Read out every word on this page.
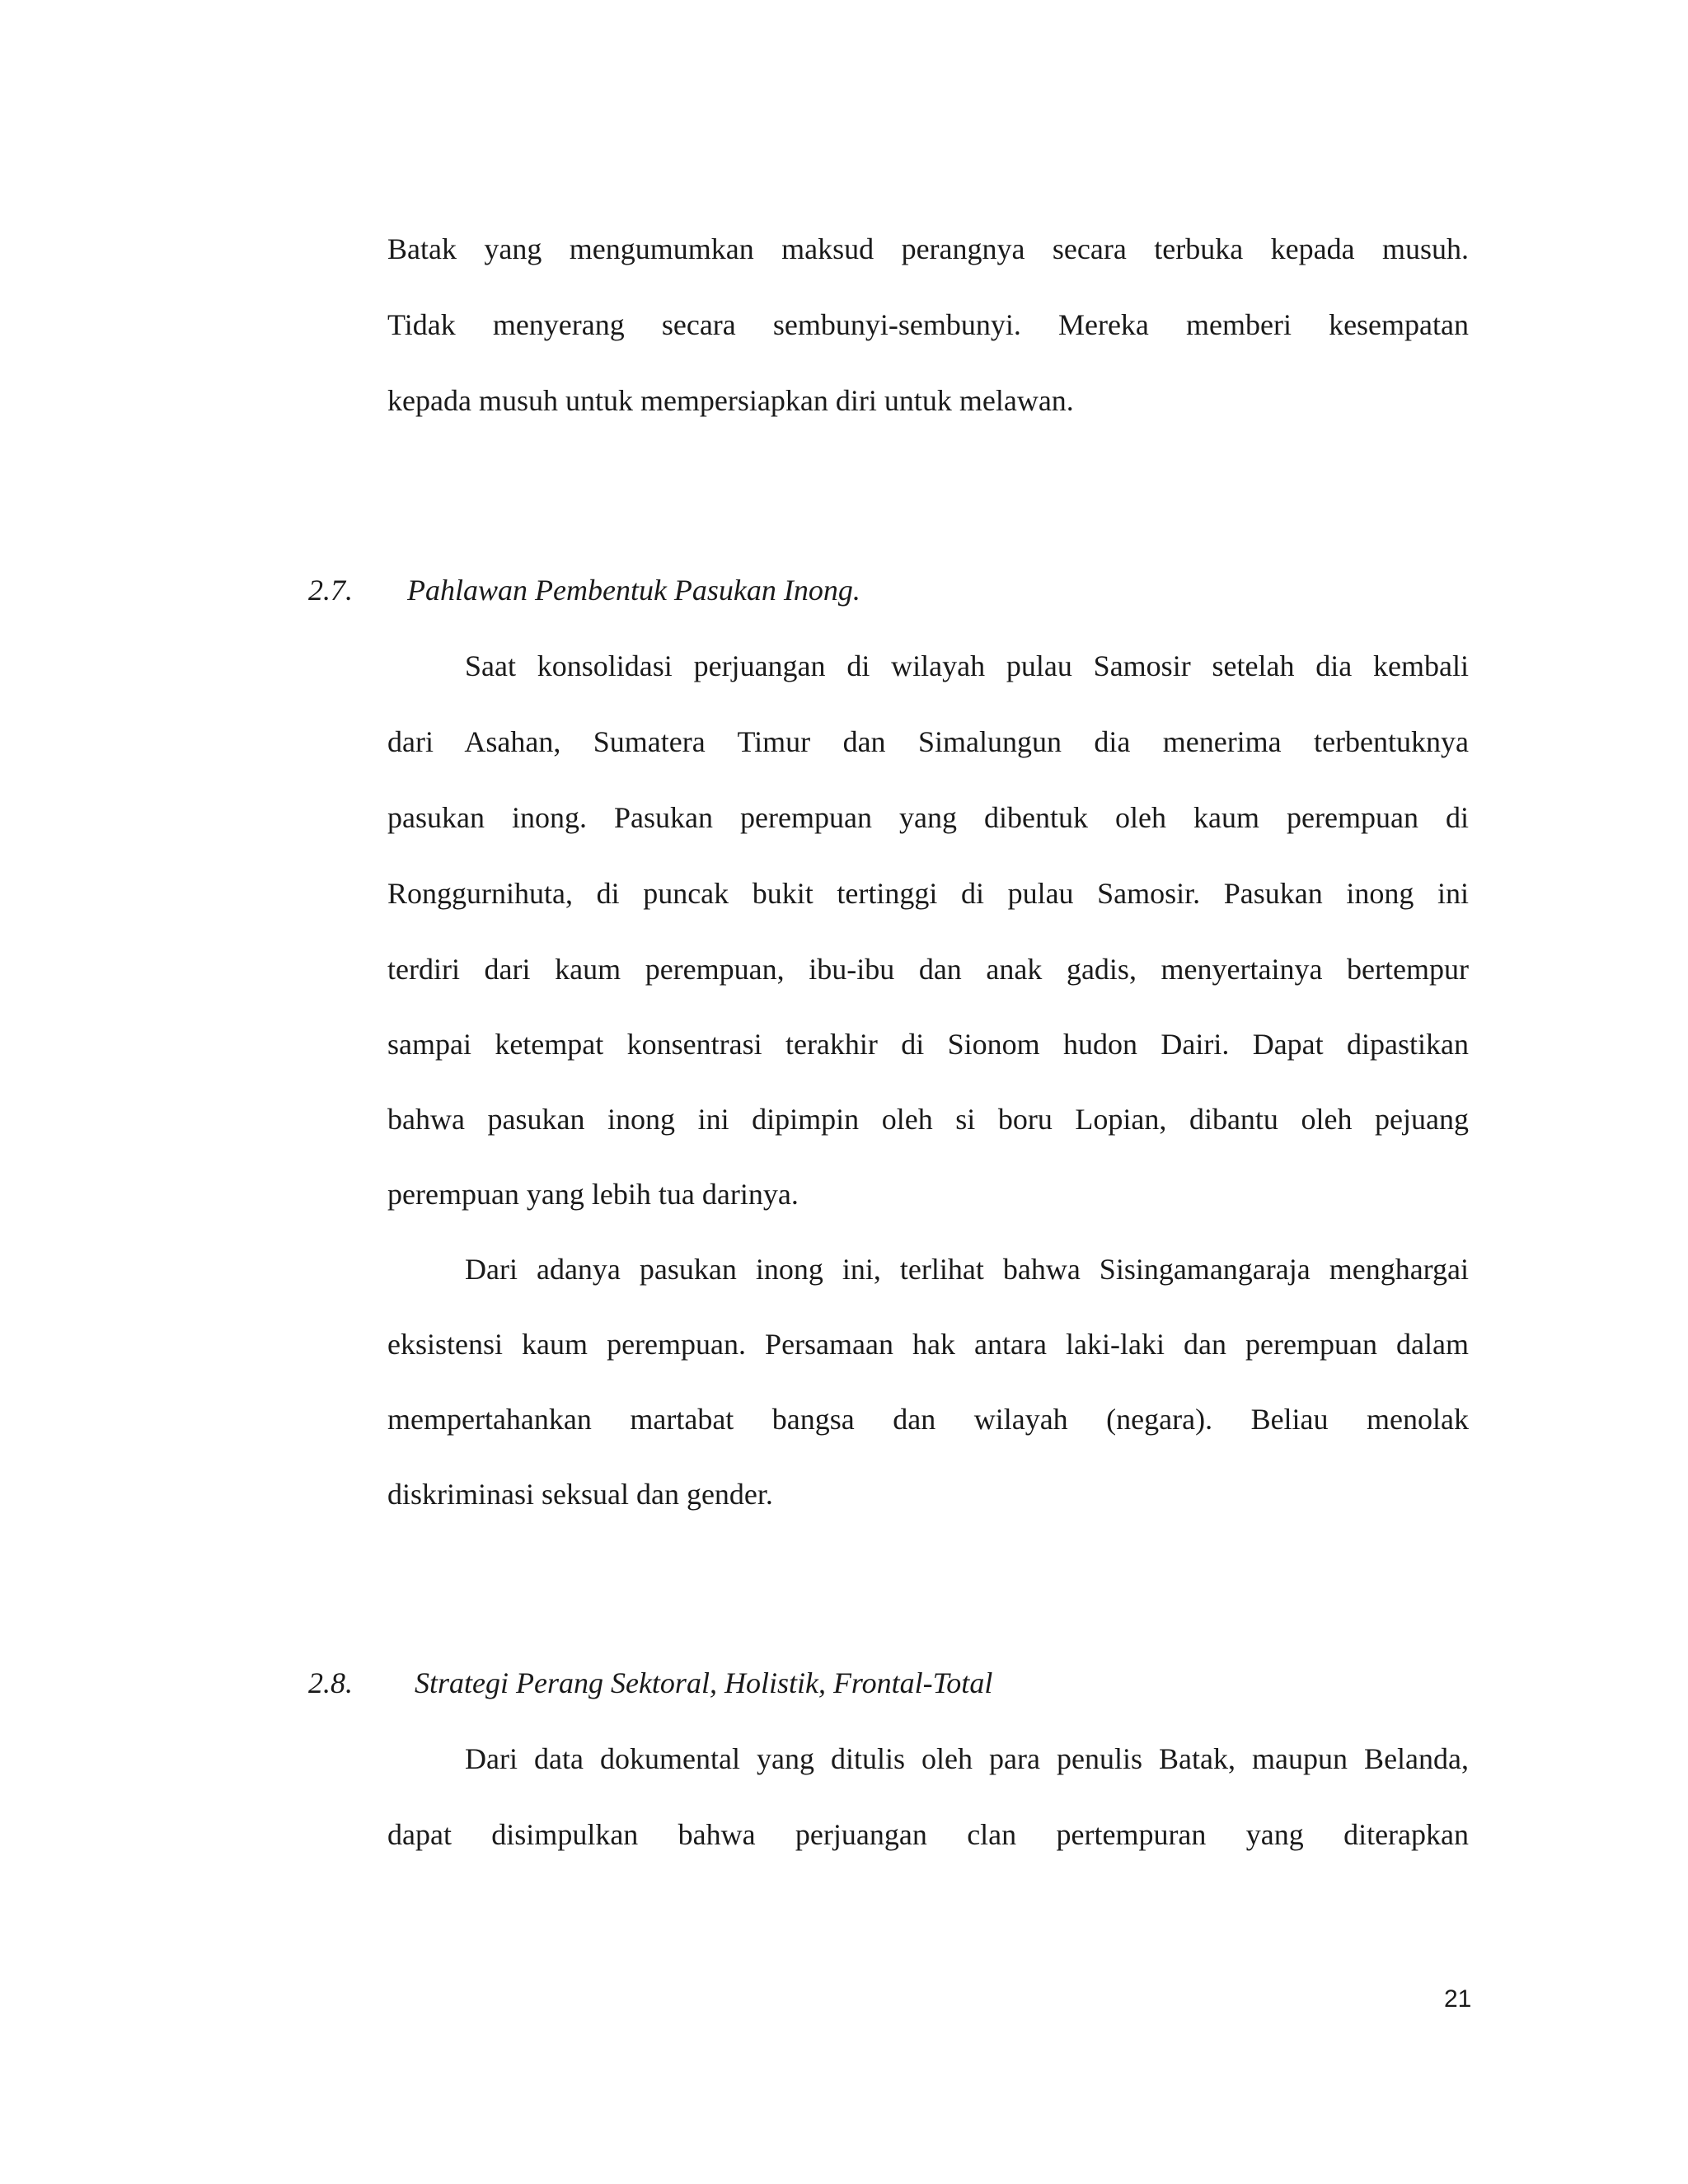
Batak yang mengumumkan maksud perangnya secara terbuka kepada musuh.
Tidak menyerang secara sembunyi-sembunyi. Mereka memberi kesempatan
kepada musuh untuk mempersiapkan diri untuk melawan.
2.7. Pahlawan Pembentuk Pasukan Inong.
Saat konsolidasi perjuangan di wilayah pulau Samosir setelah dia kembali
dari Asahan, Sumatera Timur dan Simalungun dia menerima terbentuknya
pasukan inong. Pasukan perempuan yang dibentuk oleh kaum perempuan di
Ronggurnihuta, di puncak bukit tertinggi di pulau Samosir. Pasukan inong ini
terdiri dari kaum perempuan, ibu-ibu dan anak gadis, menyertainya bertempur
sampai ketempat konsentrasi terakhir di Sionom hudon Dairi. Dapat dipastikan
bahwa pasukan inong ini dipimpin oleh si boru Lopian, dibantu oleh pejuang
perempuan yang lebih tua darinya.
Dari adanya pasukan inong ini, terlihat bahwa Sisingamangaraja menghargai
eksistensi kaum perempuan. Persamaan hak antara laki-laki dan perempuan dalam
mempertahankan martabat bangsa dan wilayah (negara). Beliau menolak
diskriminasi seksual dan gender.
2.8. Strategi Perang Sektoral, Holistik, Frontal-Total
Dari data dokumental yang ditulis oleh para penulis Batak, maupun Belanda,
dapat disimpulkan bahwa perjuangan clan pertempuran yang diterapkan
21
